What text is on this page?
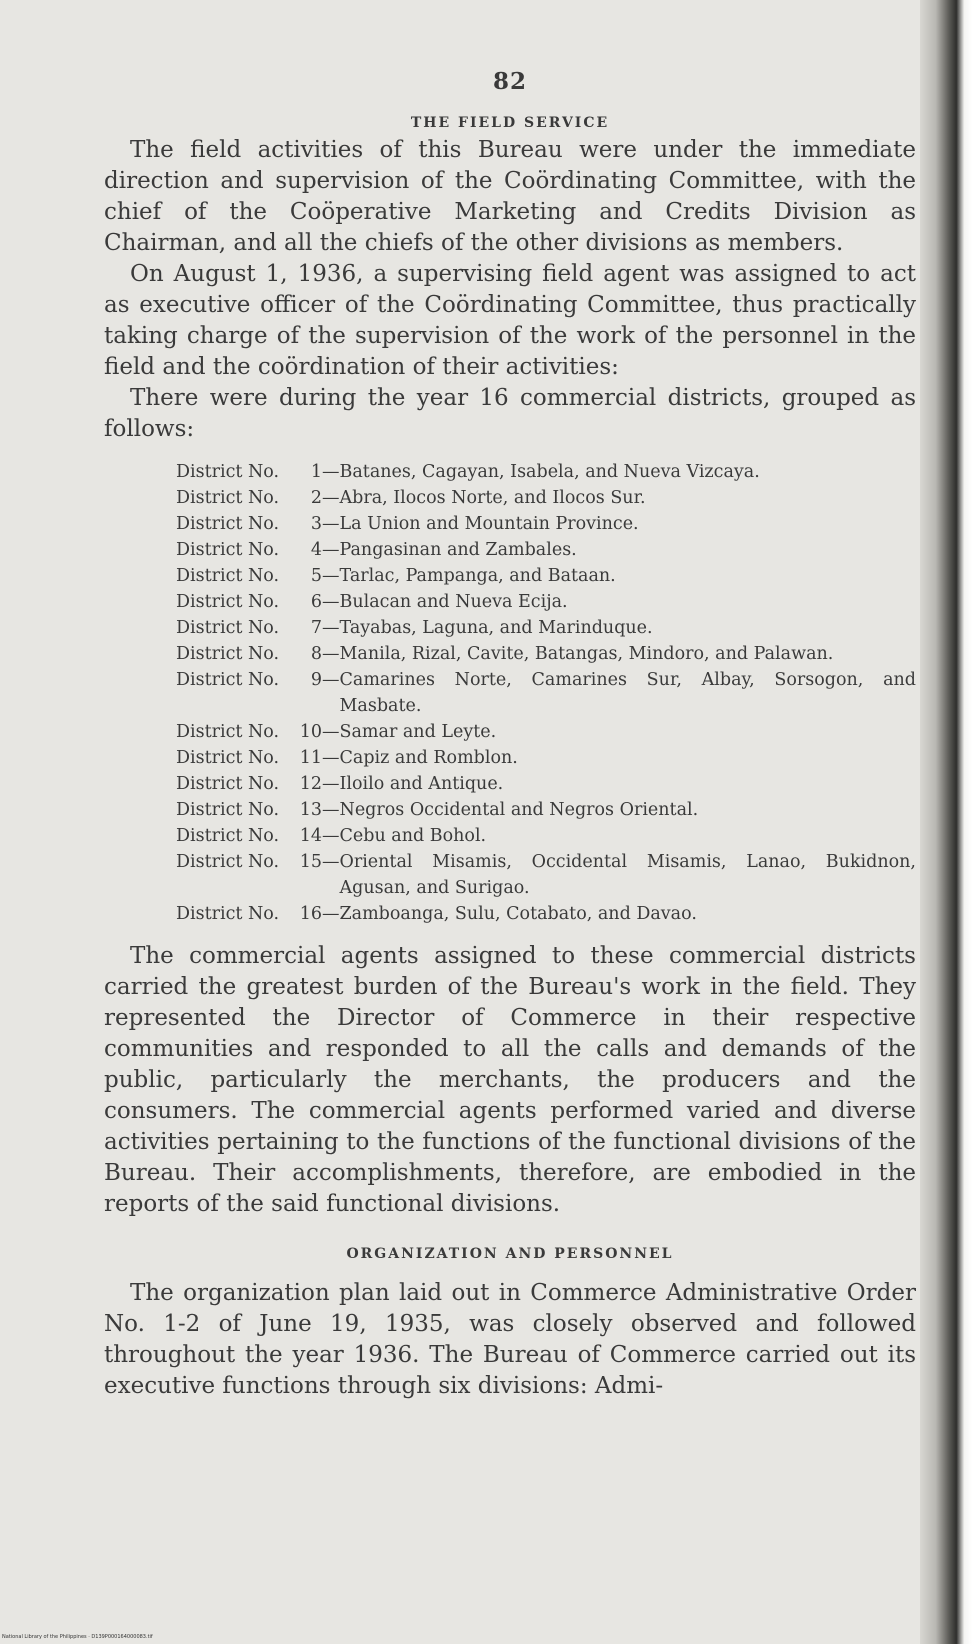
82
THE FIELD SERVICE

The field activities of this Bureau were under the immediate direction and supervision of the Coördinating Committee, with the chief of the Coöperative Marketing and Credits Division as Chairman, and all the chiefs of the other divisions as members.

On August 1, 1936, a supervising field agent was assigned to act as executive officer of the Coördinating Committee, thus practically taking charge of the supervision of the work of the personnel in the field and the coördination of their activities:

There were during the year 16 commercial districts, grouped as follows:

District No.	1 — Batanes, Cagayan, Isabela, and Nueva Vizcaya.
District No.	2 — Abra, Ilocos Norte, and Ilocos Sur.
District No.	3 — La Union and Mountain Province.
District No.	4 — Pangasinan and Zambales.
District No.	5 — Tarlac, Pampanga, and Bataan.
District No.	6 — Bulacan and Nueva Ecija.
District No.	7 — Tayabas, Laguna, and Marinduque.
District No.	8 — Manila, Rizal, Cavite, Batangas, Mindoro, and Palawan.
District No.	9 — Camarines Norte, Camarines Sur, Albay, Sorsogon, and Masbate.
District No.	10 — Samar and Leyte.
District No.	11 — Capiz and Romblon.
District No.	12 — Iloilo and Antique.
District No.	13 — Negros Occidental and Negros Oriental.
District No.	14 — Cebu and Bohol.
District No.	15 — Oriental Misamis, Occidental Misamis, Lanao, Bukidnon, Agusan, and Surigao.
District No.	16 — Zamboanga, Sulu, Cotabato, and Davao.

The commercial agents assigned to these commercial districts carried the greatest burden of the Bureau's work in the field. They represented the Director of Commerce in their respective communities and responded to all the calls and demands of the public, particularly the merchants, the producers and the consumers. The commercial agents performed varied and diverse activities pertaining to the functions of the functional divisions of the Bureau. Their accomplishments, therefore, are embodied in the reports of the said functional divisions.

ORGANIZATION AND PERSONNEL

The organization plan laid out in Commerce Administrative Order No. 1-2 of June 19, 1935, was closely observed and followed throughout the year 1936. The Bureau of Commerce carried out its executive functions through six divisions: Admi-

National Library of the Philippines · D139P000164000083.tif
